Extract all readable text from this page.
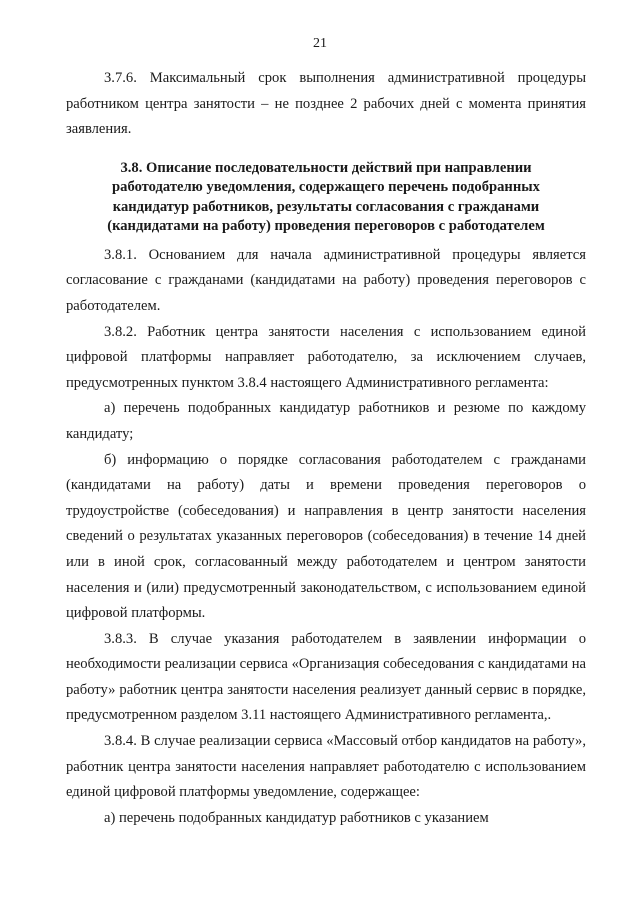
21

3.7.6. Максимальный срок выполнения административной процедуры работником центра занятости – не позднее 2 рабочих дней с момента принятия заявления.

3.8. Описание последовательности действий при направлении работодателю уведомления, содержащего перечень подобранных кандидатур работников, результаты согласования с гражданами (кандидатами на работу) проведения переговоров с работодателем

3.8.1. Основанием для начала административной процедуры является согласование с гражданами (кандидатами на работу) проведения переговоров с работодателем.

3.8.2. Работник центра занятости населения с использованием единой цифровой платформы направляет работодателю, за исключением случаев, предусмотренных пунктом 3.8.4 настоящего Административного регламента:

а) перечень подобранных кандидатур работников и резюме по каждому кандидату;

б) информацию о порядке согласования работодателем с гражданами (кандидатами на работу) даты и времени проведения переговоров о трудоустройстве (собеседования) и направления в центр занятости населения сведений о результатах указанных переговоров (собеседования) в течение 14 дней или в иной срок, согласованный между работодателем и центром занятости населения и (или) предусмотренный законодательством, с использованием единой цифровой платформы.

3.8.3. В случае указания работодателем в заявлении информации о необходимости реализации сервиса «Организация собеседования с кандидатами на работу» работник центра занятости населения реализует данный сервис в порядке, предусмотренном разделом 3.11 настоящего Административного регламента,.

3.8.4. В случае реализации сервиса «Массовый отбор кандидатов на работу», работник центра занятости населения направляет работодателю с использованием единой цифровой платформы уведомление, содержащее:

а) перечень подобранных кандидатур работников с указанием
